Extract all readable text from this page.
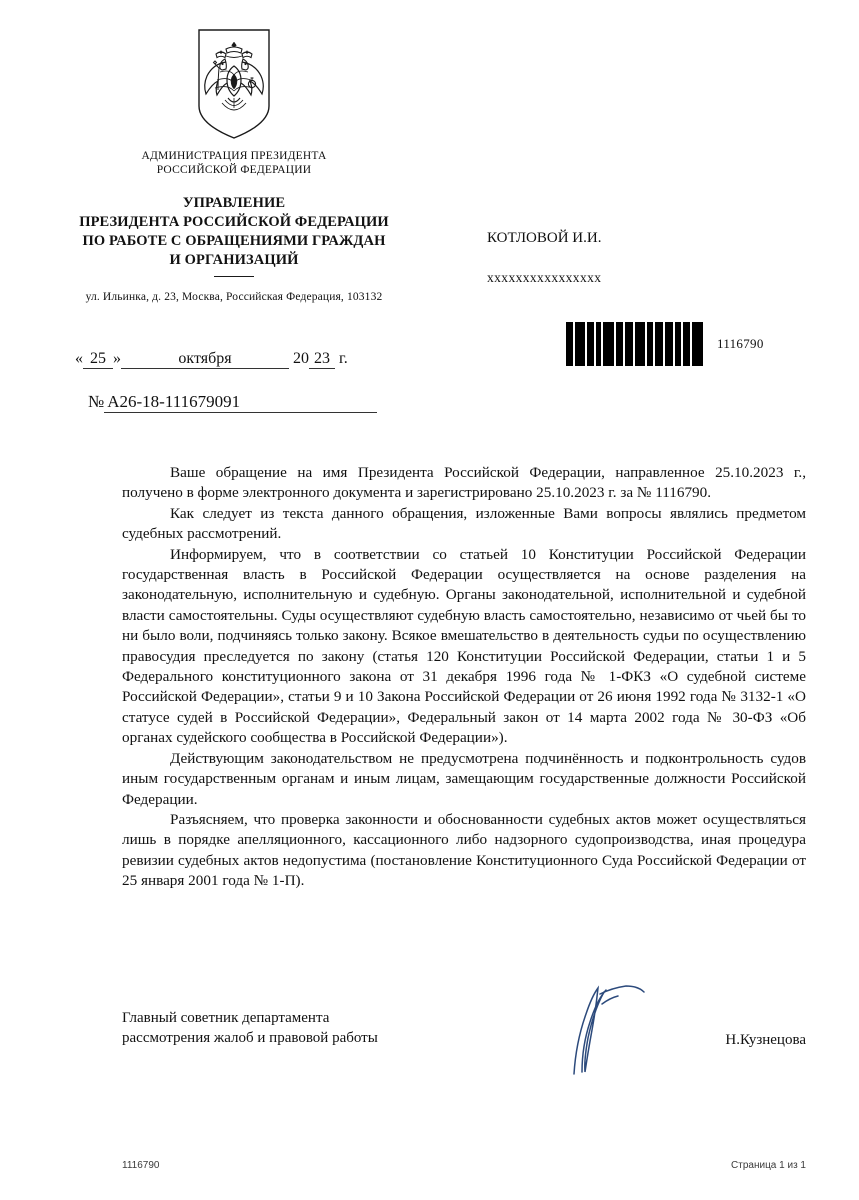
АДМИНИСТРАЦИЯ ПРЕЗИДЕНТА
РОССИЙСКОЙ ФЕДЕРАЦИИ
УПРАВЛЕНИЕ
ПРЕЗИДЕНТА РОССИЙСКОЙ ФЕДЕРАЦИИ
ПО РАБОТЕ С ОБРАЩЕНИЯМИ ГРАЖДАН
И ОРГАНИЗАЦИЙ
ул. Ильинка, д. 23, Москва, Российская Федерация, 103132
КОТЛОВОЙ И.И.
хххххххххххххххх
1116790
« 25 »	октября	20 23 г.
№ А26-18-111679091

Ваше обращение на имя Президента Российской Федерации, направленное 25.10.2023 г., получено в форме электронного документа и зарегистрировано 25.10.2023 г. за № 1116790.

Как следует из текста данного обращения, изложенные Вами вопросы являлись предметом судебных рассмотрений.

Информируем, что в соответствии со статьей 10 Конституции Российской Федерации государственная власть в Российской Федерации осуществляется на основе разделения на законодательную, исполнительную и судебную. Органы законодательной, исполнительной и судебной власти самостоятельны. Суды осуществляют судебную власть самостоятельно, независимо от чьей бы то ни было воли, подчиняясь только закону. Всякое вмешательство в деятельность судьи по осуществлению правосудия преследуется по закону (статья 120 Конституции Российской Федерации, статьи 1 и 5 Федерального конституционного закона от 31 декабря 1996 года № 1-ФКЗ «О судебной системе Российской Федерации», статьи 9 и 10 Закона Российской Федерации от 26 июня 1992 года № 3132-1 «О статусе судей в Российской Федерации», Федеральный закон от 14 марта 2002 года № 30-ФЗ «Об органах судейского сообщества в Российской Федерации»).

Действующим законодательством не предусмотрена подчинённость и подконтрольность судов иным государственным органам и иным лицам, замещающим государственные должности Российской Федерации.

Разъясняем, что проверка законности и обоснованности судебных актов может осуществляться лишь в порядке апелляционного, кассационного либо надзорного судопроизводства, иная процедура ревизии судебных актов недопустима (постановление Конституционного Суда Российской Федерации от 25 января 2001 года № 1-П).

Главный советник департамента
рассмотрения жалоб и правовой работы	Н.Кузнецова
1116790	Страница 1 из 1
